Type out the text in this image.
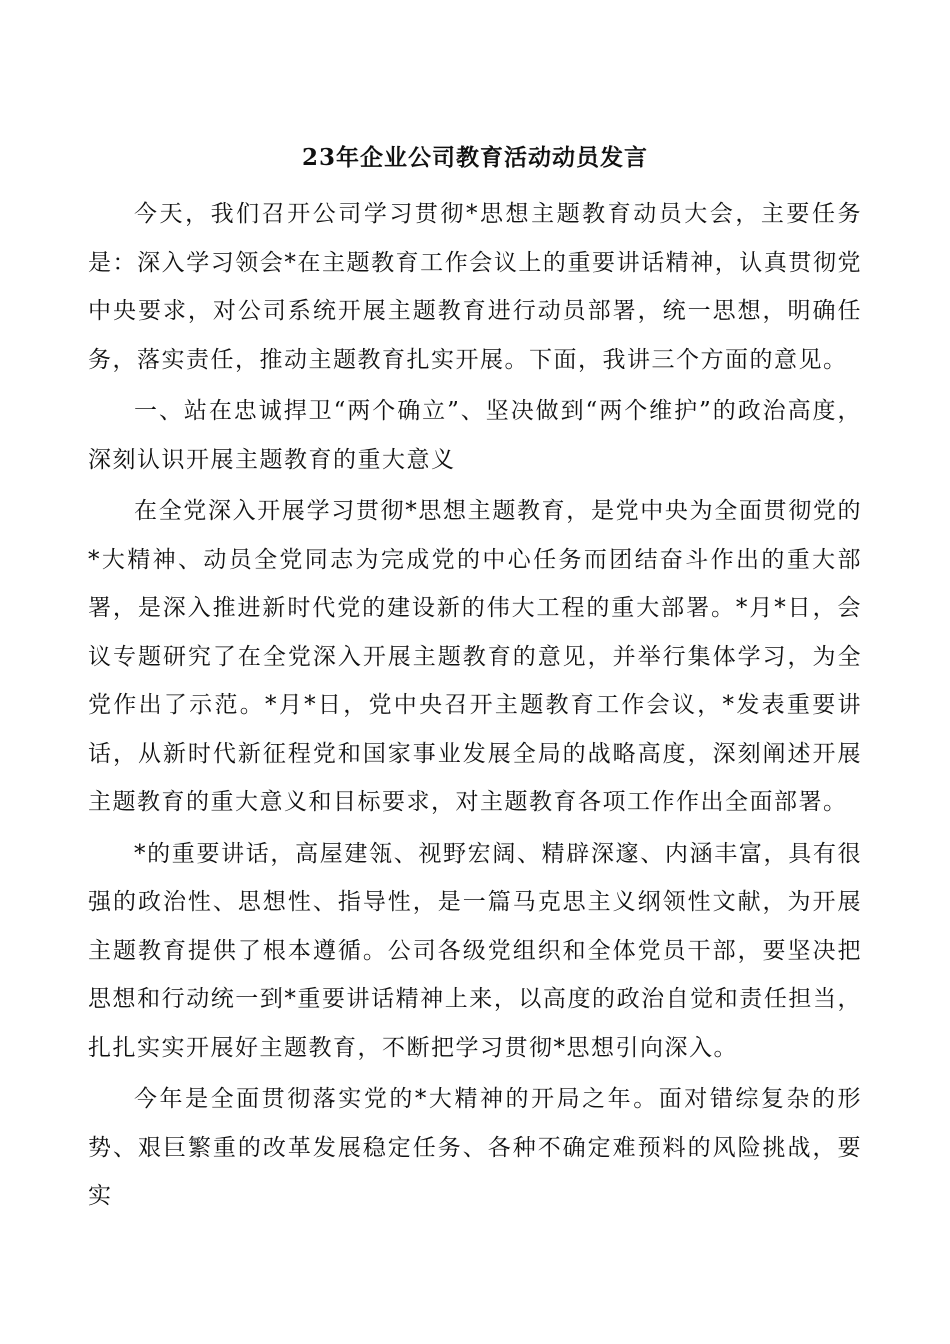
23年企业公司教育活动动员发言

今天，我们召开公司学习贯彻*思想主题教育动员大会，主要任务是：深入学习领会*在主题教育工作会议上的重要讲话精神，认真贯彻党中央要求，对公司系统开展主题教育进行动员部署，统一思想，明确任务，落实责任，推动主题教育扎实开展。下面，我讲三个方面的意见。

一、站在忠诚捍卫“两个确立”、坚决做到“两个维护”的政治高度，深刻认识开展主题教育的重大意义

在全党深入开展学习贯彻*思想主题教育，是党中央为全面贯彻党的*大精神、动员全党同志为完成党的中心任务而团结奋斗作出的重大部署，是深入推进新时代党的建设新的伟大工程的重大部署。*月*日，会议专题研究了在全党深入开展主题教育的意见，并举行集体学习，为全党作出了示范。*月*日，党中央召开主题教育工作会议，*发表重要讲话，从新时代新征程党和国家事业发展全局的战略高度，深刻阐述开展主题教育的重大意义和目标要求，对主题教育各项工作作出全面部署。

*的重要讲话，高屋建瓴、视野宏阔、精辟深邃、内涵丰富，具有很强的政治性、思想性、指导性，是一篇马克思主义纲领性文献，为开展主题教育提供了根本遵循。公司各级党组织和全体党员干部，要坚决把思想和行动统一到*重要讲话精神上来，以高度的政治自觉和责任担当，扎扎实实开展好主题教育，不断把学习贯彻*思想引向深入。

今年是全面贯彻落实党的*大精神的开局之年。面对错综复杂的形势、艰巨繁重的改革发展稳定任务、各种不确定难预料的风险挑战，要实
